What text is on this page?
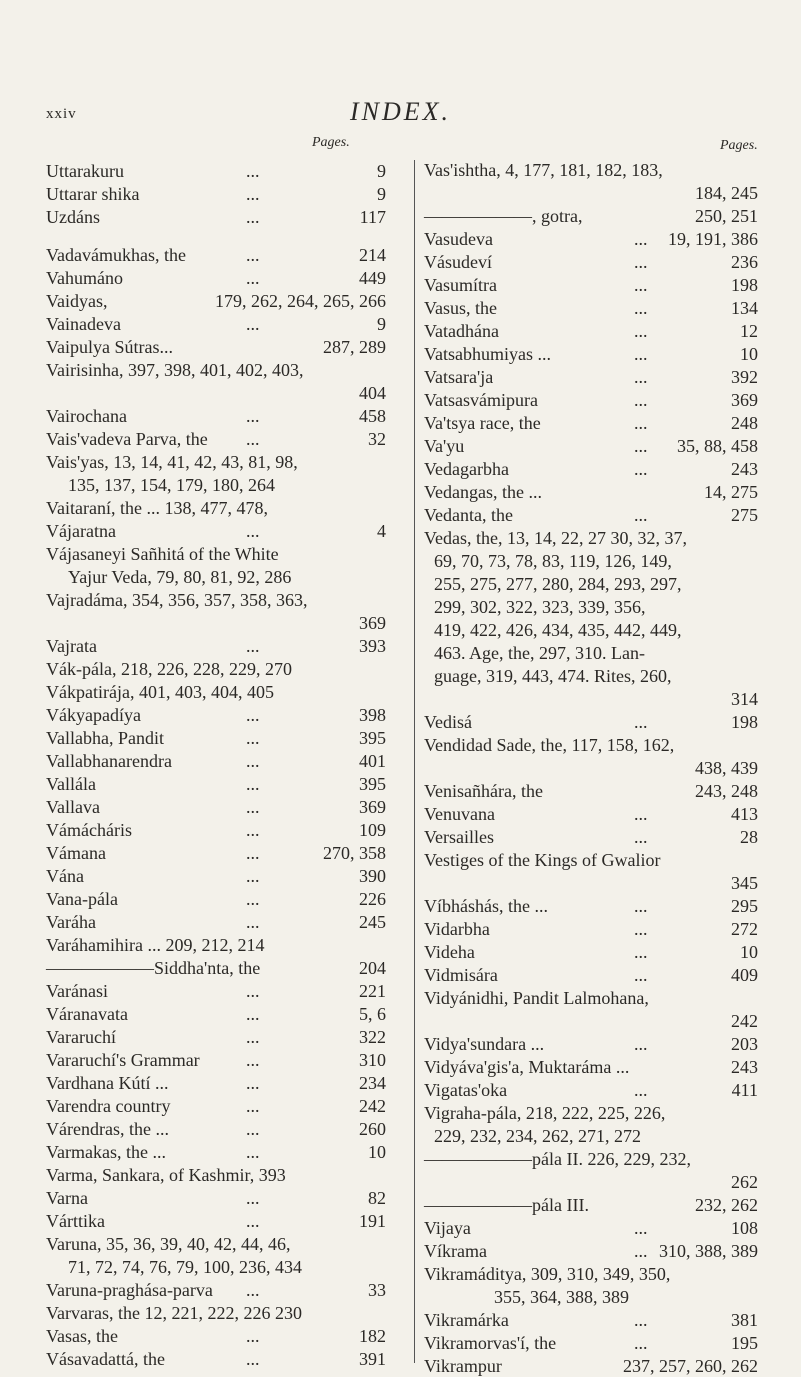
xxiv	INDEX.
Pages.	Pages.
Uttarakuru	...	9
Uttarar shika	...	9
Uzdáns	...	117
Vadavámukhas, the	...	214
Vahumáno	...	449
Vaidyas,	179, 262, 264, 265, 266
Vainadeva	...	9
Vaipulya Sútras...	287, 289
Vairisinha, 397, 398, 401, 402, 403,
404
Vairochana	...	458
Vais'vadeva Parva, the ...	32
Vais'yas, 13, 14, 41, 42, 43, 81, 98,
135, 137, 154, 179, 180, 264
Vaitaraní, the ... 138, 477, 478,
Vájaratna	...	4
Vájasaneyi Sañhitá of the White
Yajur Veda, 79, 80, 81, 92, 286
Vajradáma, 354, 356, 357, 358, 363,
369
Vajrata	...	393
Vák-pála, 218, 226, 228, 229, 270
Vákpatirája, 401, 403, 404, 405
Vákyapadíya	...	398
Vallabha, Pandit	...	395
Vallabhanarendra	...	401
Vallála	...	395
Vallava	...	369
Vámácháris	...	109
Vámana	...	270, 358
Vána	...	390
Vana-pála	...	226
Varáha	...	245
Varáhamihira ... 209, 212, 214
——————Siddha'nta, the	204
Varánasi	...	221
Váranavata	...	5, 6
Vararuchí	...	322
Vararuchí's Grammar	...	310
Vardhana Kútí ...	...	234
Varendra country	...	242
Várendras, the ...	...	260
Varmakas, the ...	...	10
Varma, Sankara, of Kashmir, 393
Varna	...	82
Várttika	...	191
Varuna, 35, 36, 39, 40, 42, 44, 46,
71, 72, 74, 76, 79, 100, 236, 434
Varuna-praghása-parva ...	33
Varvaras, the 12, 221, 222, 226 230
Vasas, the	...	182
Vásavadattá, the	...	391
Vas'ishtha, 4, 177, 181, 182, 183,
184, 245
——————, gotra,	250, 251
Vasudeva	... 19, 191, 386
Vásudeví	...	236
Vasumítra	...	198
Vasus, the	...	134
Vatadhána	...	12
Vatsabhumiyas ...	...	10
Vatsara'ja	...	392
Vatsasvámipura	...	369
Va'tsya race, the	...	248
Va'yu	... 35, 88, 458
Vedagarbha	...	243
Vedangas, the ...	14, 275
Vedanta, the	...	275
Vedas, the, 13, 14, 22, 27 30, 32, 37,
69, 70, 73, 78, 83, 119, 126, 149,
255, 275, 277, 280, 284, 293, 297,
299, 302, 322, 323, 339, 356,
419, 422, 426, 434, 435, 442, 449,
463. Age, the, 297, 310. Lan-
guage, 319, 443, 474. Rites, 260,
314
Vedisá	...	198
Vendidad Sade, the, 117, 158, 162,
438, 439
Venisañhára, the	243, 248
Venuvana	...	413
Versailles	...	28
Vestiges of the Kings of Gwalior
345
Víbháshás, the ...	...	295
Vidarbha	...	272
Videha	...	10
Vidmisára	...	409
Vidyánidhi, Pandit Lalmohana,
242
Vidya'sundara ...	...	203
Vidyáva'gis'a, Muktaráma ...	243
Vigatas'oka	...	411
Vigraha-pála, 218, 222, 225, 226,
229, 232, 234, 262, 271, 272
——————pála II. 226, 229, 232,
262
——————pála III.	232, 262
Vijaya	...	108
Víkrama	... 310, 388, 389
Vikramáditya, 309, 310, 349, 350,
355, 364, 388, 389
Vikramárka	...	381
Vikramorvas'í, the	...	195
Vikrampur	237, 257, 260, 262
